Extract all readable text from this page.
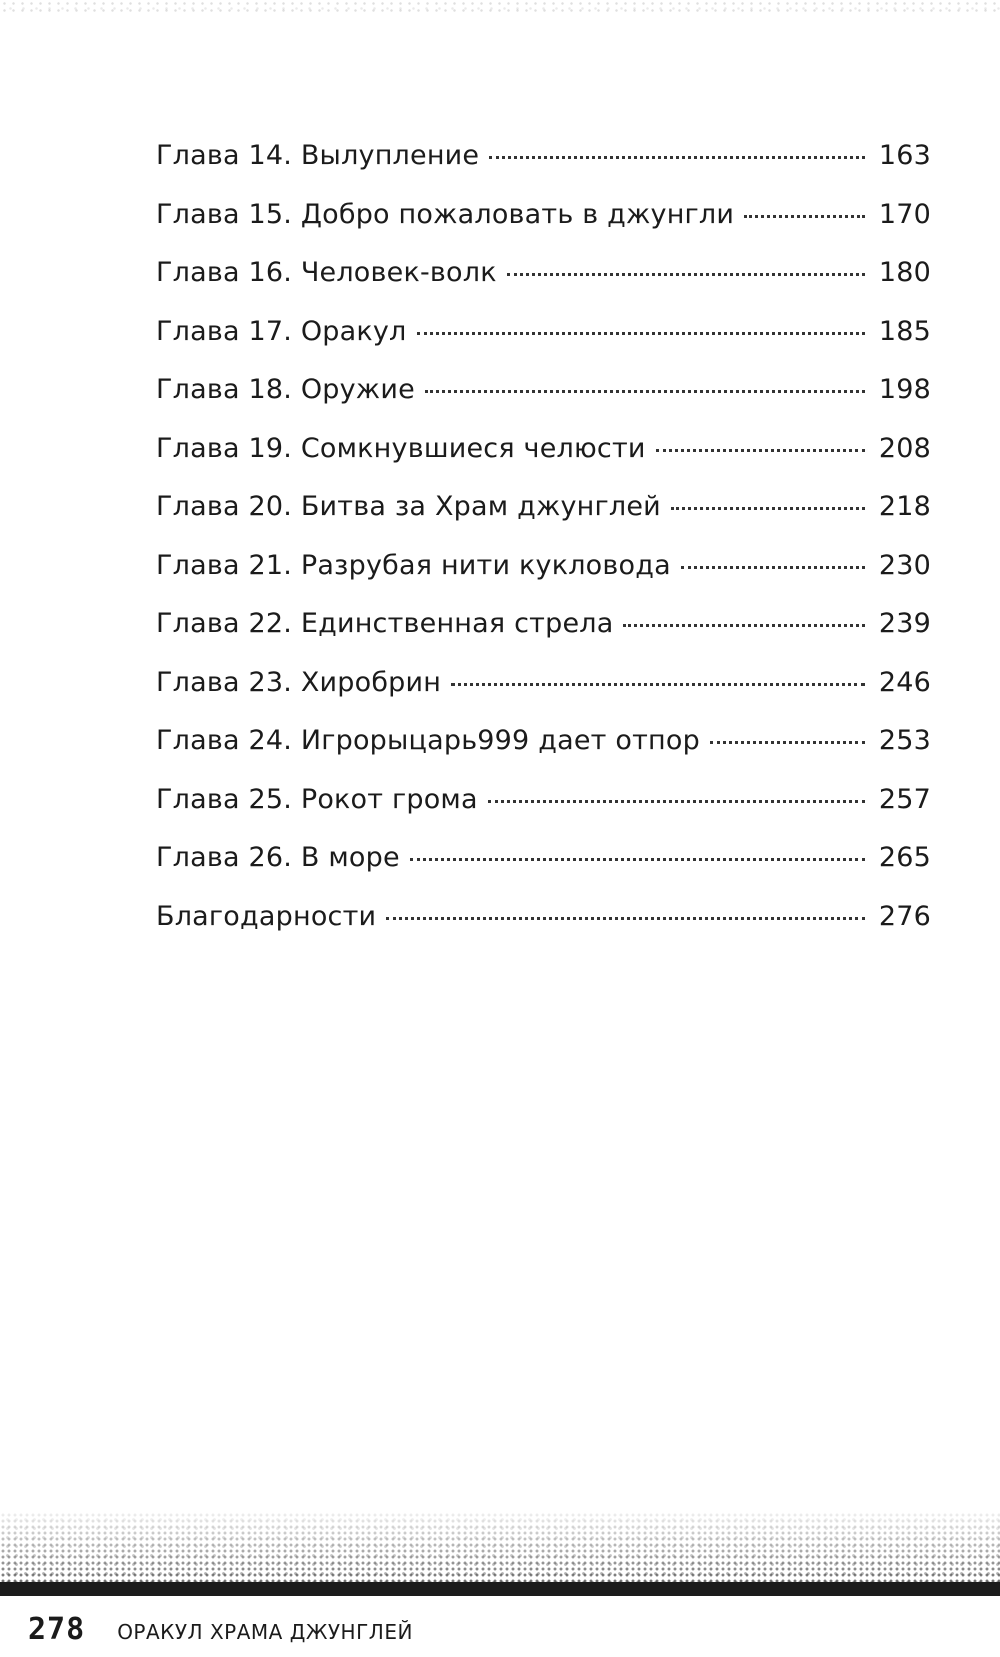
Глава 14. Вылупление	163
Глава 15. Добро пожаловать в джунгли	170
Глава 16. Человек-волк	180
Глава 17. Оракул	185
Глава 18. Оружие	198
Глава 19. Сомкнувшиеся челюсти	208
Глава 20. Битва за Храм джунглей	218
Глава 21. Разрубая нити кукловода	230
Глава 22. Единственная стрела	239
Глава 23. Хиробрин	246
Глава 24. Игрорыцарь999 дает отпор	253
Глава 25. Рокот грома	257
Глава 26. В море	265
Благодарности	276
278 ОРАКУЛ ХРАМА ДЖУНГЛЕЙ
